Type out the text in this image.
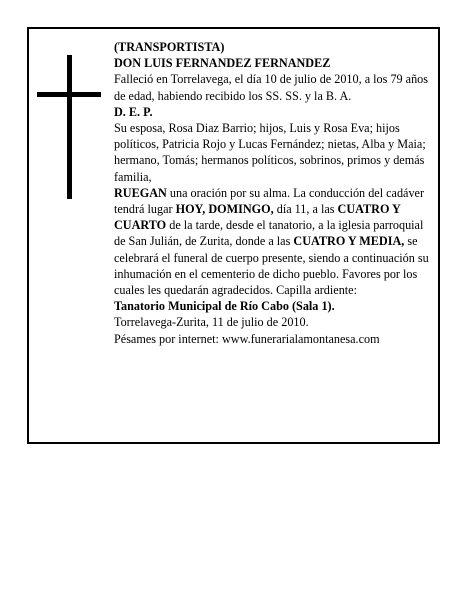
(TRANSPORTISTA)

DON LUIS FERNANDEZ FERNANDEZ

Falleció en Torrelavega, el día 10 de julio de 2010, a los 79 años de edad, habiendo recibido los SS. SS. y la B. A.

D. E. P.

Su esposa, Rosa Diaz Barrio; hijos, Luis y Rosa Eva; hijos políticos, Patricia Rojo y Lucas Fernández; nietas, Alba y Maia; hermano, Tomás; hermanos políticos, sobrinos, primos y demás familia,

RUEGAN una oración por su alma. La conducción del cadáver tendrá lugar HOY, DOMINGO, día 11, a las CUATRO Y CUARTO de la tarde, desde el tanatorio, a la iglesia parroquial de San Julián, de Zurita, donde a las CUATRO Y MEDIA, se celebrará el funeral de cuerpo presente, siendo a continuación su inhumación en el cementerio de dicho pueblo. Favores por los cuales les quedarán agradecidos. Capilla ardiente:

Tanatorio Municipal de Río Cabo (Sala 1).

Torrelavega-Zurita, 11 de julio de 2010.

Pésames por internet: www.funerarialamontanesa.com
